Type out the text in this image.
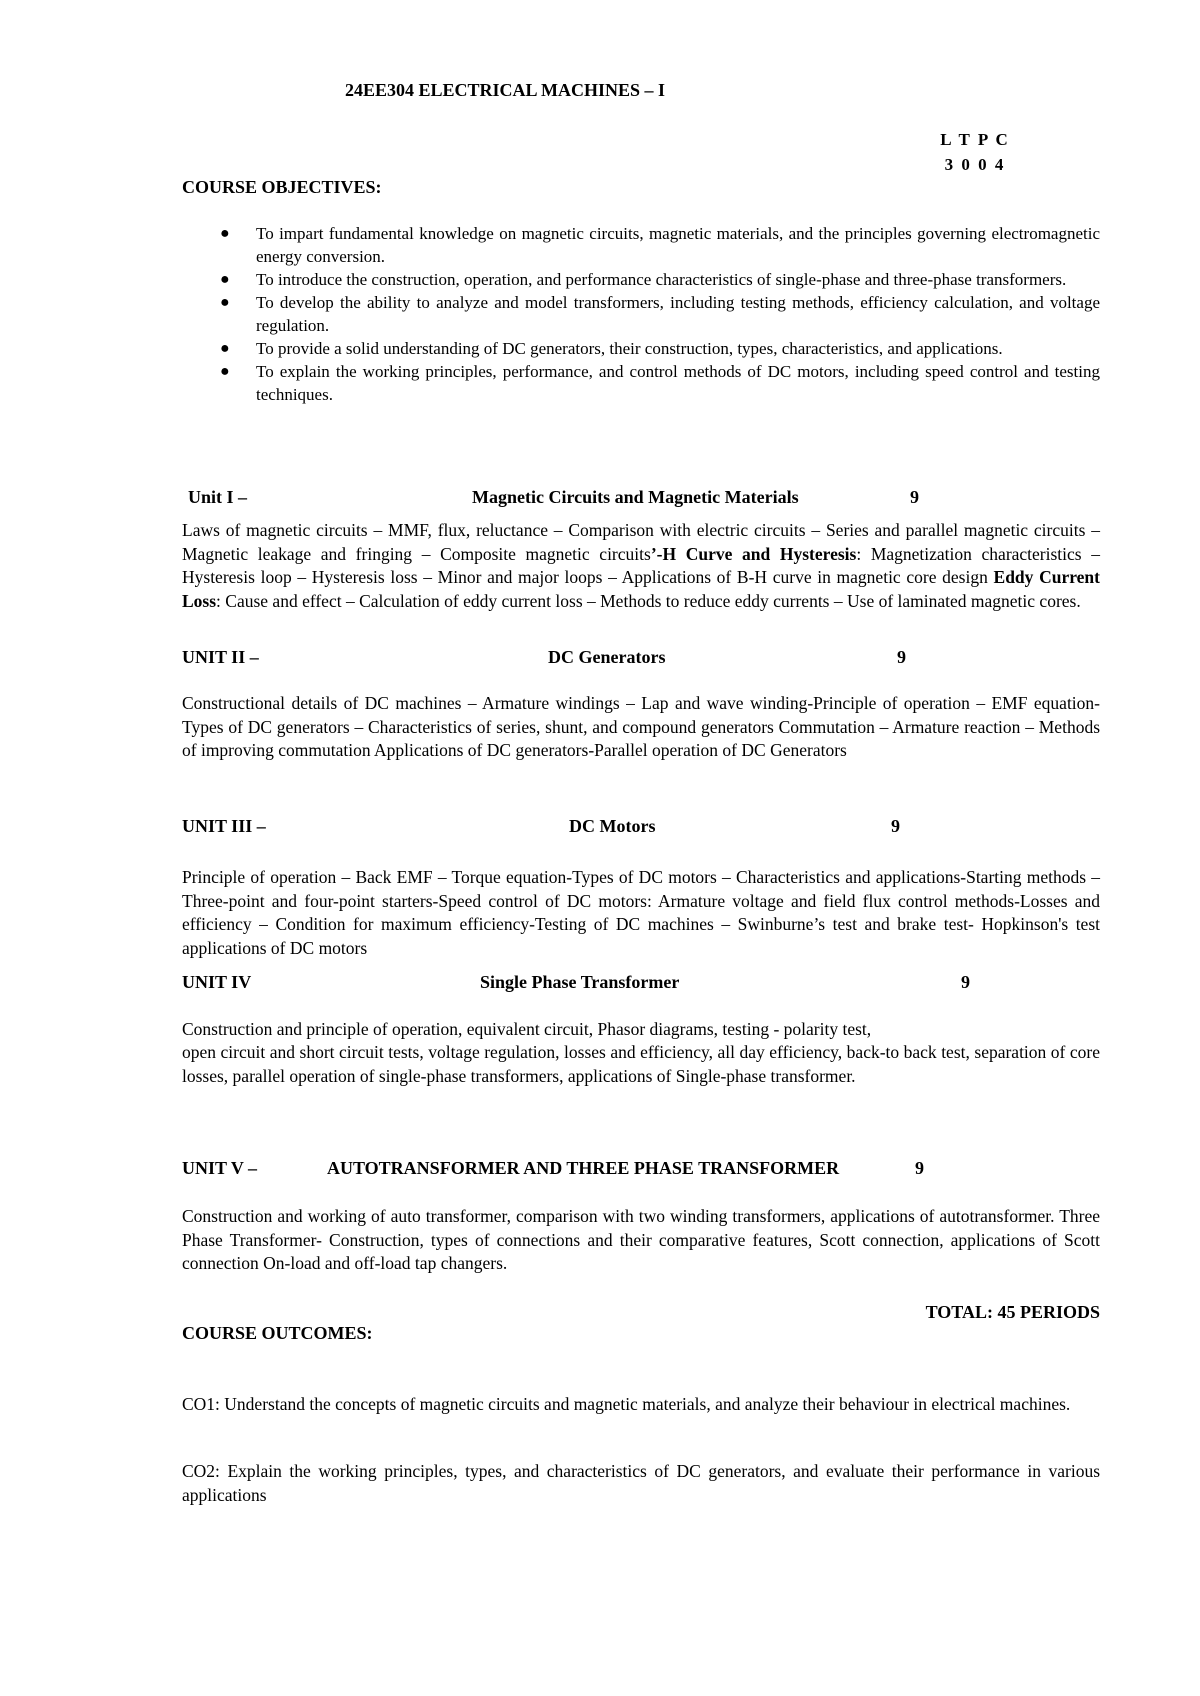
24EE304 ELECTRICAL MACHINES – I
L T P C
3 0 0 4
COURSE OBJECTIVES:
● To impart fundamental knowledge on magnetic circuits, magnetic materials, and the principles governing electromagnetic energy conversion.
● To introduce the construction, operation, and performance characteristics of single-phase and three-phase transformers.
● To develop the ability to analyze and model transformers, including testing methods, efficiency calculation, and voltage regulation.
● To provide a solid understanding of DC generators, their construction, types, characteristics, and applications.
● To explain the working principles, performance, and control methods of DC motors, including speed control and testing techniques.
Unit I –	Magnetic Circuits and Magnetic Materials	9
Laws of magnetic circuits – MMF, flux, reluctance – Comparison with electric circuits – Series and parallel magnetic circuits – Magnetic leakage and fringing – Composite magnetic circuits’-H Curve and Hysteresis: Magnetization characteristics – Hysteresis loop – Hysteresis loss – Minor and major loops – Applications of B-H curve in magnetic core design Eddy Current Loss: Cause and effect – Calculation of eddy current loss – Methods to reduce eddy currents – Use of laminated magnetic cores.
UNIT II –	DC Generators	9
Constructional details of DC machines – Armature windings – Lap and wave winding-Principle of operation – EMF equation-Types of DC generators – Characteristics of series, shunt, and compound generators Commutation – Armature reaction – Methods of improving commutation Applications of DC generators-Parallel operation of DC Generators
UNIT III –	DC Motors	9
Principle of operation – Back EMF – Torque equation-Types of DC motors – Characteristics and applications-Starting methods – Three-point and four-point starters-Speed control of DC motors: Armature voltage and field flux control methods-Losses and efficiency – Condition for maximum efficiency-Testing of DC machines – Swinburne’s test and brake test- Hopkinson's test applications of DC motors
UNIT IV	Single Phase Transformer	9
Construction and principle of operation, equivalent circuit, Phasor diagrams, testing - polarity test,
open circuit and short circuit tests, voltage regulation, losses and efficiency, all day efficiency, back-to back test, separation of core losses, parallel operation of single-phase transformers, applications of Single-phase transformer.
UNIT V –	AUTOTRANSFORMER AND THREE PHASE TRANSFORMER	9
Construction and working of auto transformer, comparison with two winding transformers, applications of autotransformer. Three Phase Transformer- Construction, types of connections and their comparative features, Scott connection, applications of Scott connection On-load and off-load tap changers.
TOTAL: 45 PERIODS
COURSE OUTCOMES:
CO1: Understand the concepts of magnetic circuits and magnetic materials, and analyze their behaviour in electrical machines.
CO2: Explain the working principles, types, and characteristics of DC generators, and evaluate their performance in various applications
